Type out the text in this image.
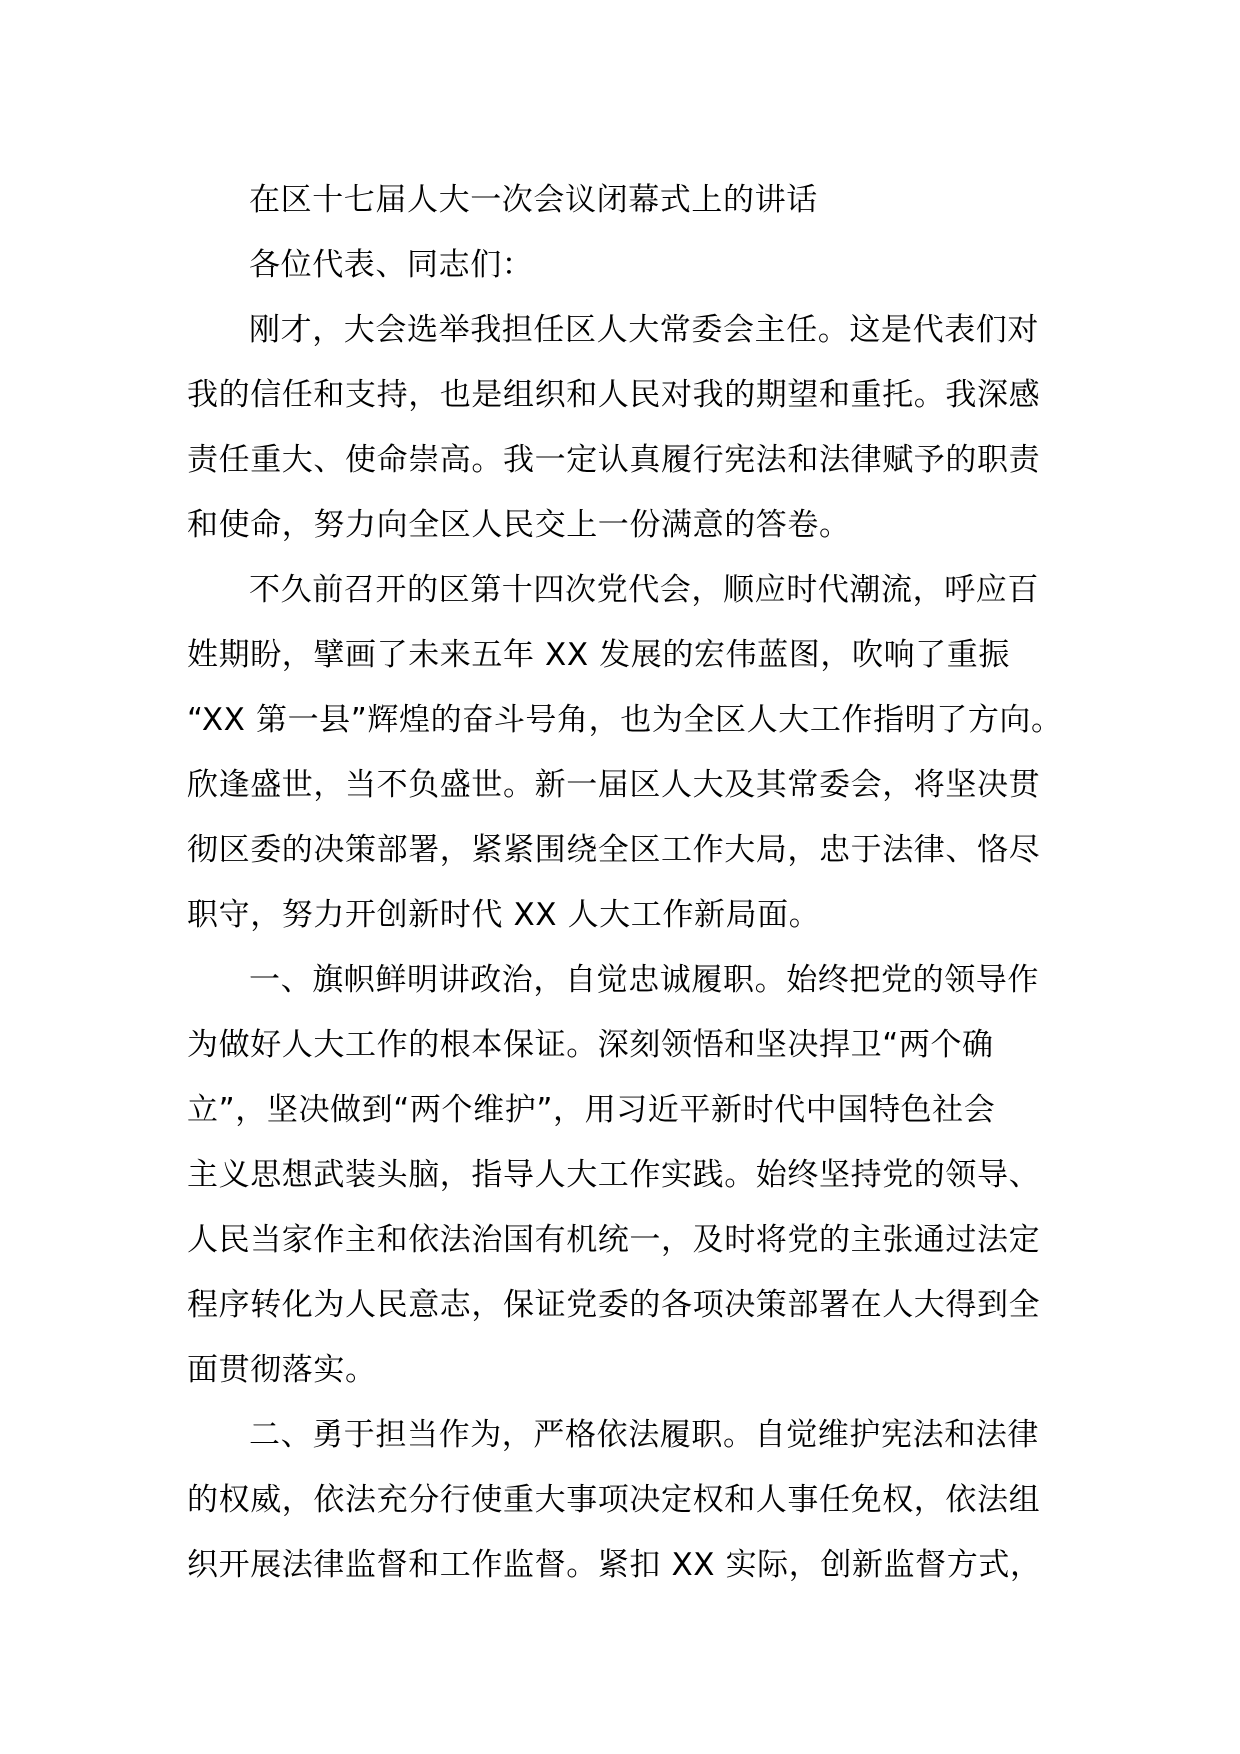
在区十七届人大一次会议闭幕式上的讲话
各位代表、同志们：
刚才，大会选举我担任区人大常委会主任。这是代表们对
我的信任和支持，也是组织和人民对我的期望和重托。我深感
责任重大、使命崇高。我一定认真履行宪法和法律赋予的职责
和使命，努力向全区人民交上一份满意的答卷。
不久前召开的区第十四次党代会，顺应时代潮流，呼应百
姓期盼，擘画了未来五年 XX 发展的宏伟蓝图，吹响了重振
“XX 第一县”辉煌的奋斗号角，也为全区人大工作指明了方向。
欣逢盛世，当不负盛世。新一届区人大及其常委会，将坚决贯
彻区委的决策部署，紧紧围绕全区工作大局，忠于法律、恪尽
职守，努力开创新时代 XX 人大工作新局面。
一、旗帜鲜明讲政治，自觉忠诚履职。始终把党的领导作
为做好人大工作的根本保证。深刻领悟和坚决捍卫“两个确
立”，坚决做到“两个维护”，用习近平新时代中国特色社会
主义思想武装头脑，指导人大工作实践。始终坚持党的领导、
人民当家作主和依法治国有机统一，及时将党的主张通过法定
程序转化为人民意志，保证党委的各项决策部署在人大得到全
面贯彻落实。
二、勇于担当作为，严格依法履职。自觉维护宪法和法律
的权威，依法充分行使重大事项决定权和人事任免权，依法组
织开展法律监督和工作监督。紧扣 XX 实际，创新监督方式，
